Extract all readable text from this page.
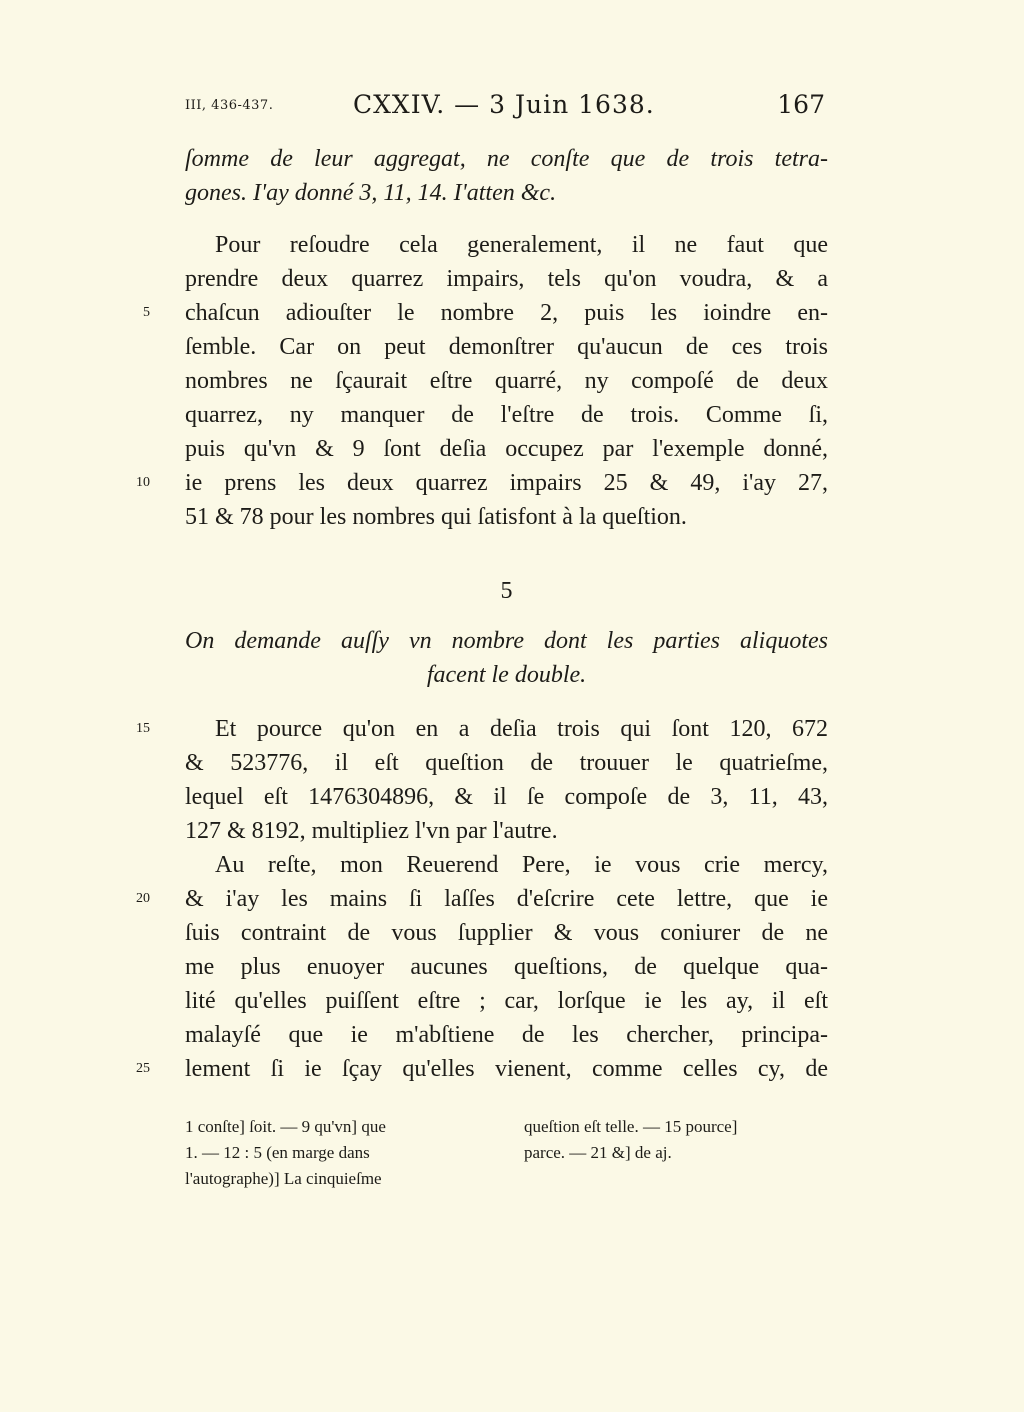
III, 436-437.	CXXIV. — 3 Juin 1638.	167
ſomme de leur aggregat, ne conſte que de trois tetra-
gones. I'ay donné 3, 11, 14. I'atten &c.
Pour reſoudre cela generalement, il ne faut que
prendre deux quarrez impairs, tels qu'on voudra, & a
chaſcun adiouſter le nombre 2, puis les ioindre en-
ſemble. Car on peut demonſtrer qu'aucun de ces trois
nombres ne ſçaurait eſtre quarré, ny compoſé de deux
quarrez, ny manquer de l'eſtre de trois. Comme ſi,
puis qu'vn & 9 ſont deſia occupez par l'exemple donné,
ie prens les deux quarrez impairs 25 & 49, i'ay 27,
51 & 78 pour les nombres qui ſatisfont à la queſtion.
5
On demande auſſy vn nombre dont les parties aliquotes
facent le double.
Et pource qu'on en a deſia trois qui ſont 120, 672
& 523776, il eſt queſtion de trouuer le quatrieſme,
lequel eſt 1476304896, & il ſe compoſe de 3, 11, 43,
127 & 8192, multipliez l'vn par l'autre.
Au reſte, mon Reuerend Pere, ie vous crie mercy,
& i'ay les mains ſi laſſes d'eſcrire cete lettre, que ie
ſuis contraint de vous ſupplier & vous coniurer de ne
me plus enuoyer aucunes queſtions, de quelque qua-
lité qu'elles puiſſent eſtre ; car, lorſque ie les ay, il eſt
malayſé que ie m'abſtiene de les chercher, principa-
lement ſi ie ſçay qu'elles vienent, comme celles cy, de
5
10
15
20
25
1 conſte] ſoit. — 9 qu'vn] que
1. — 12 : 5 (en marge dans
l'autographe)] La cinquieſme
queſtion eſt telle. — 15 pource]
parce. — 21 &] de aj.
